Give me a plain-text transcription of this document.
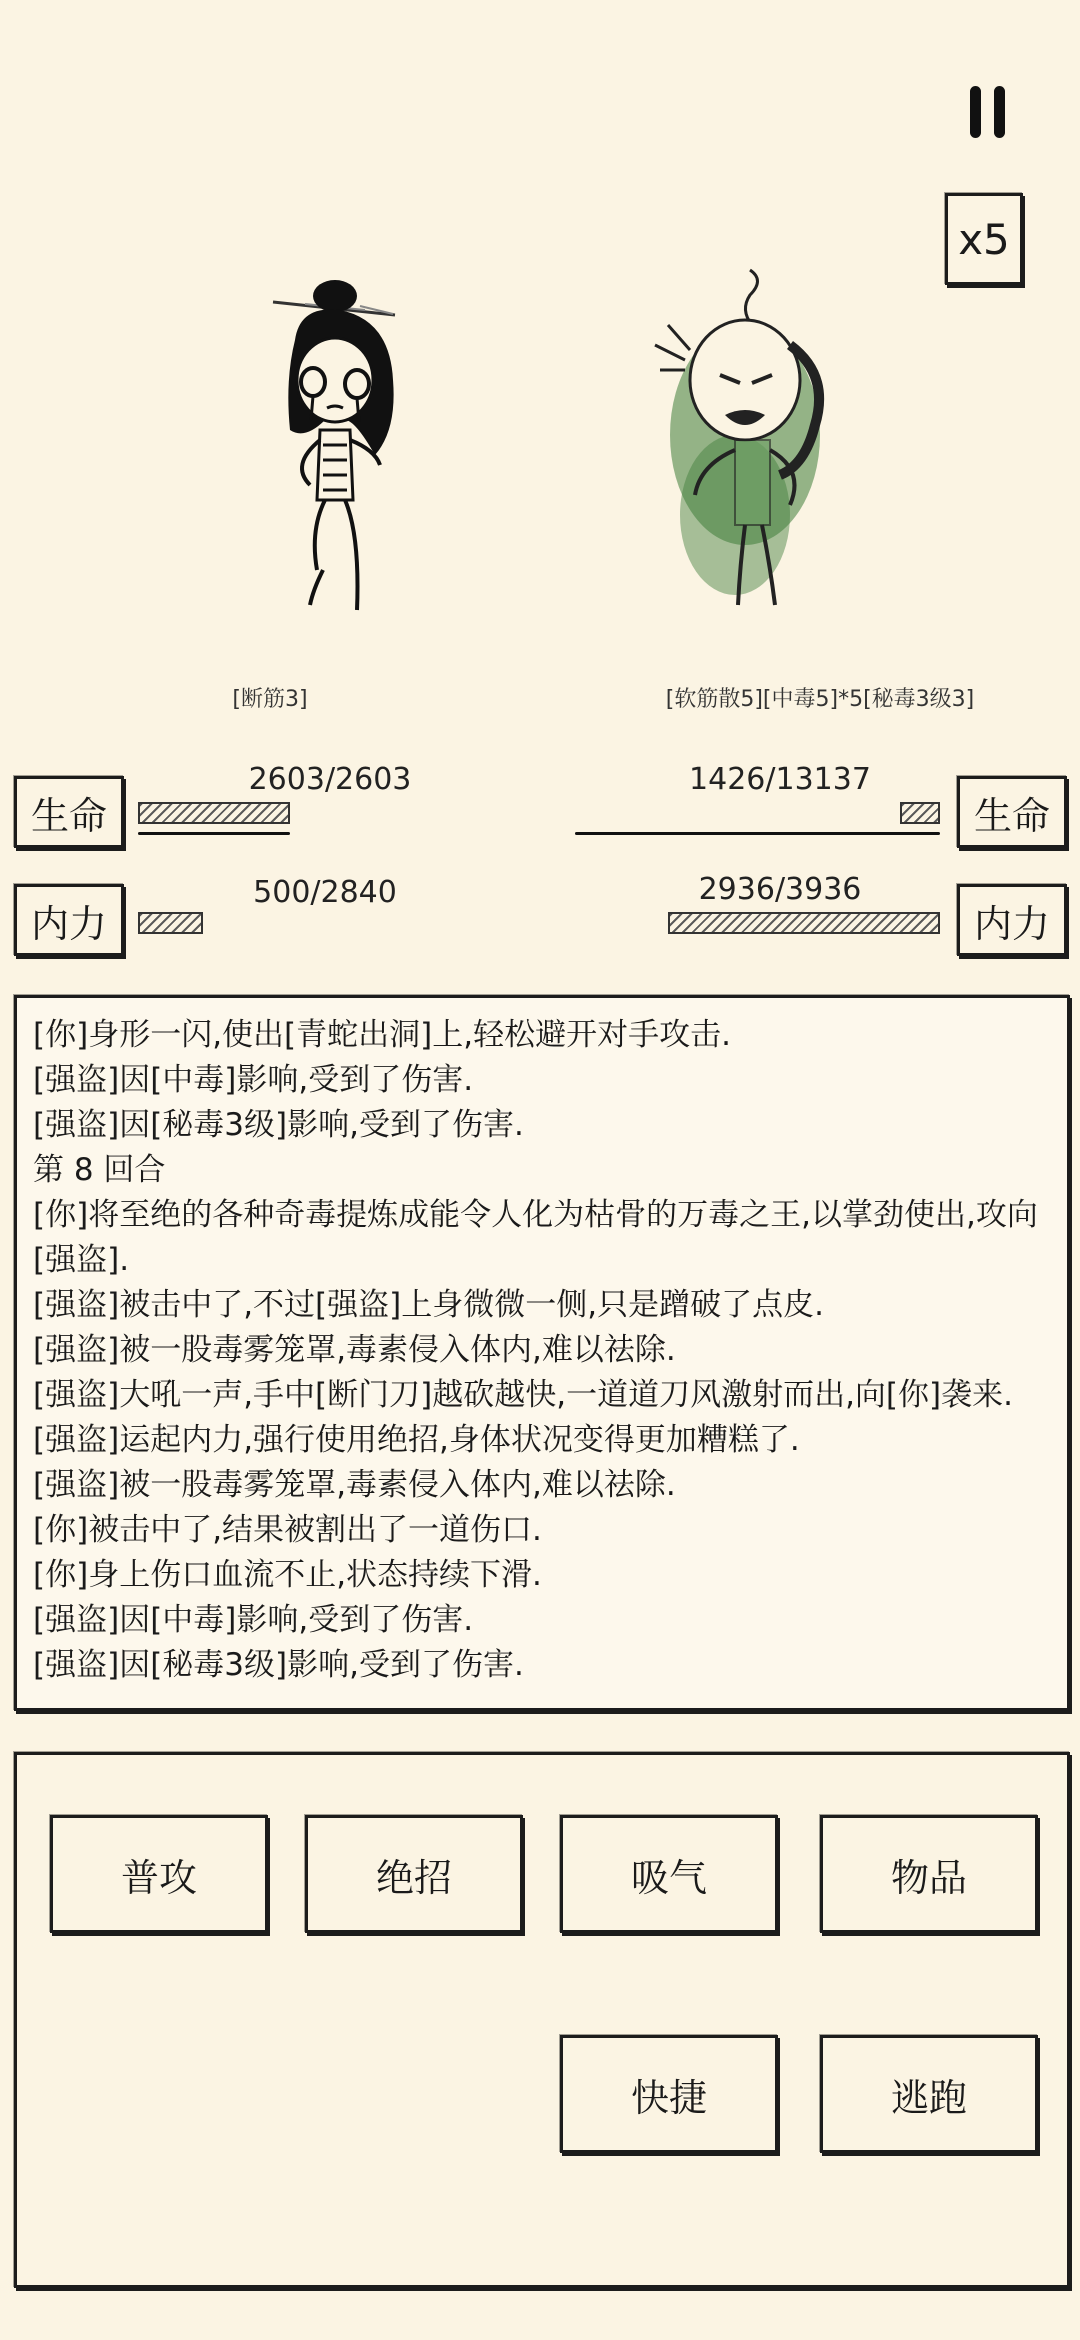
x5
[断筋3]	[软筋散5][中毒5]*5[秘毒3级3]
生命
2603/2603
内力
500/2840
生命
1426/13137
内力
2936/3936
[你]身形一闪,使出[青蛇出洞]上,轻松避开对手攻击.
[强盗]因[中毒]影响,受到了伤害.
[强盗]因[秘毒3级]影响,受到了伤害.
第 8 回合
[你]将至绝的各种奇毒提炼成能令人化为枯骨的万毒之王,以掌劲使出,攻向[强盗].
[强盗]被击中了,不过[强盗]上身微微一侧,只是蹭破了点皮.
[强盗]被一股毒雾笼罩,毒素侵入体内,难以祛除.
[强盗]大吼一声,手中[断门刀]越砍越快,一道道刀风激射而出,向[你]袭来.
[强盗]运起内力,强行使用绝招,身体状况变得更加糟糕了.
[强盗]被一股毒雾笼罩,毒素侵入体内,难以祛除.
[你]被击中了,结果被割出了一道伤口.
[你]身上伤口血流不止,状态持续下滑.
[强盗]因[中毒]影响,受到了伤害.
[强盗]因[秘毒3级]影响,受到了伤害.
普攻	绝招	吸气	物品
快捷	逃跑
